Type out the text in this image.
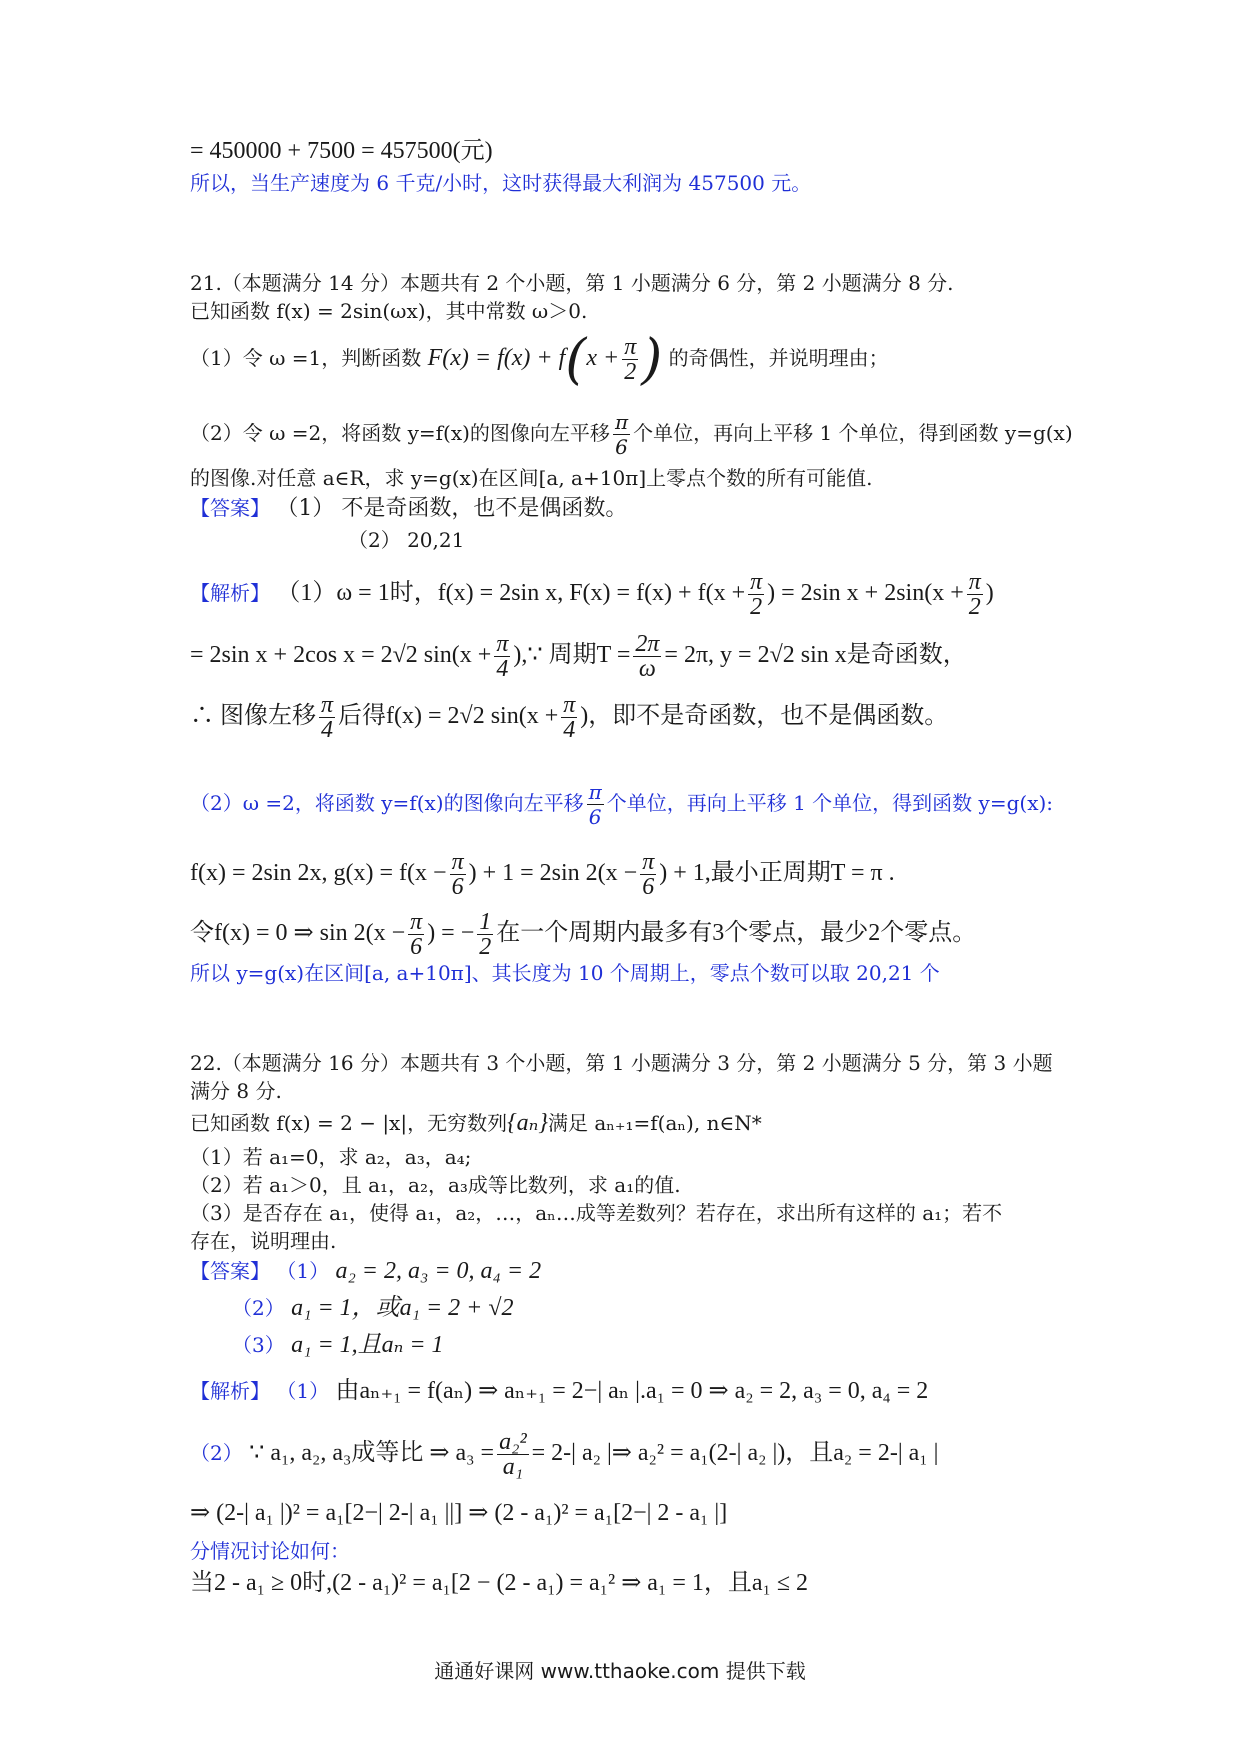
= 450000 + 7500 = 457500(元)
所以，当生产速度为 6 千克/小时，这时获得最大利润为 457500 元。
21.（本题满分 14 分）本题共有 2 个小题，第 1 小题满分 6 分，第 2 小题满分 8 分.
已知函数 f(x) = 2sin(ωx)，其中常数 ω＞0.
（1）令 ω =1，判断函数 $F(x) = f(x) + f(x + \frac{\pi}{2}$ ) 的奇偶性，并说明理由；
（2）令 ω =2，将函数 y=f(x)的图像向左平移 $\frac{\pi}{6}$ 个单位，再向上平移 1 个单位，得到函数 y=g(x)
的图像.对任意 a∈R，求 y=g(x)在区间[a, a+10π]上零点个数的所有可能值.
【答案】 （1） 不是奇函数，也不是偶函数。
（2） 20,21
【解析】 （1）ω = 1时，f(x) = 2sin x, $F(x) = f(x) + f(x + \frac{\pi}{2}$ ) = 2sin $x + 2\sin(x + \frac{\pi}{2}$ )
= 2sin x + 2cos x = 2√2 $\sin(x + \frac{\pi}{4}$ ),∵ 周期$T = \frac{2\pi}{\omega} = 2\pi$, y = 2√2 sin x是奇函数，
∴ 图像左移 $\frac{\pi}{4}$ 后得f(x) = 2√2 $\sin(x + \frac{\pi}{4}$ )，即不是奇函数，也不是偶函数。
（2）ω =2，将函数 y=f(x)的图像向左平移 $\frac{\pi}{6}$ 个单位，再向上平移 1 个单位，得到函数 y=g(x):
f(x) = 2sin 2x, $g(x) = f(x - \frac{\pi}{6}$ ) + 1 = 2sin $2(x - \frac{\pi}{6}$ ) + 1,最小正周期T = π .
令f(x) = 0 ⇒ $\sin 2(x - \frac{\pi}{6}$ ) = − $\frac{1}{2}$ 在一个周期内最多有3个零点，最少2个零点。
所以 y=g(x)在区间[a, a+10π]、其长度为 10 个周期上，零点个数可以取 20,21 个
22.（本题满分 16 分）本题共有 3 个小题，第 1 小题满分 3 分，第 2 小题满分 5 分，第 3 小题
满分 8 分.
已知函数 f(x) = 2 − |x|，无穷数列{aₙ}满足 aₙ₊₁=f(aₙ), n∈N*
（1）若 a₁=0，求 a₂，a₃，a₄;
（2）若 a₁＞0，且 a₁，a₂，a₃成等比数列，求 a₁的值.
（3）是否存在 a₁，使得 a₁，a₂，…，aₙ…成等差数列？若存在，求出所有这样的 a₁；若不
存在，说明理由.
【答案】 （1） a₂ = 2, a₃ = 0, a₄ = 2
（2） a₁ = 1，或a₁ = 2 + √2
（3） a₁ = 1,且aₙ = 1
【解析】 （1） 由aₙ₊₁ = f(aₙ) ⇒ aₙ₊₁ = 2−| aₙ |.a₁ = 0 ⇒ a₂ = 2, a₃ = 0, a₄ = 2
（2） ∵ a₁, a₂, a₃成等比 ⇒ $a_3 = \frac{\text{a₂²}}{\text{a₁}} = 2-|$ a₂ |⇒ a₂² = a₁(2-| a₂ |)，且a₂ = 2-| a₁ |
⇒ (2-| a₁ |)² = a₁[2−| 2-| a₁ ||] ⇒ (2 - a₁)² = a₁[2−| 2 - a₁ |]
分情况讨论如何：
当2 - a₁ ≥ 0时,(2 - a₁)² = a₁[2 − (2 - a₁) = a₁² ⇒ a₁ = 1，且a₁ ≤ 2
通通好课网 www.tthaoke.com 提供下载
